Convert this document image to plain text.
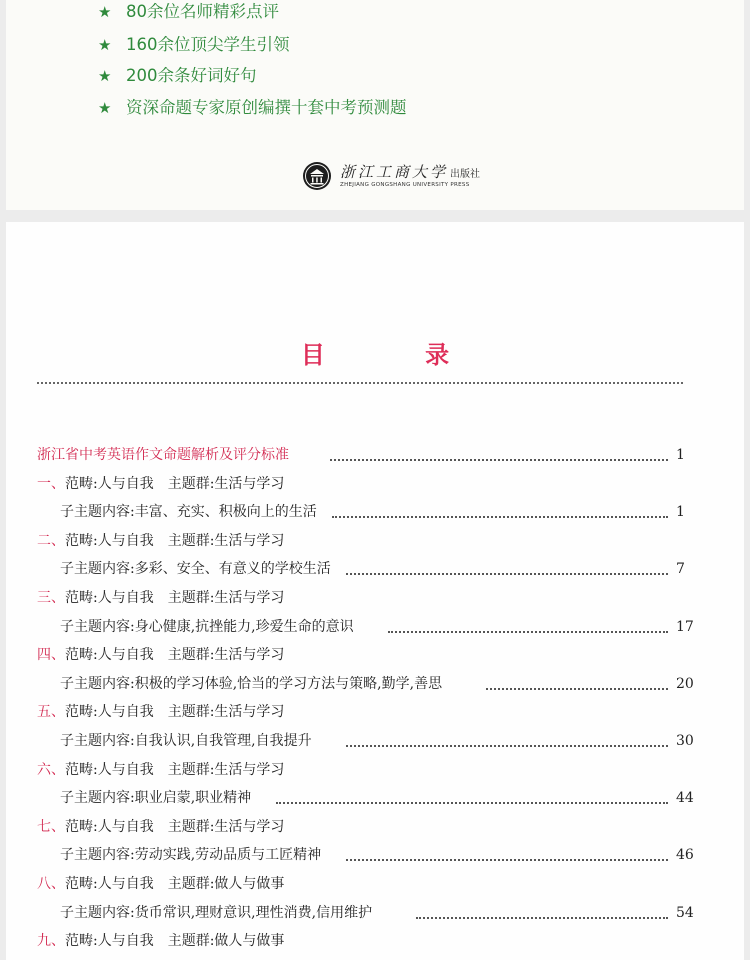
★ 80余位名师精彩点评
★ 160余位顶尖学生引领
★ 200余条好词好句
★ 资深命题专家原创编撰十套中考预测题
浙江工商大学 出版社
ZHEJIANG GONGSHANG UNIVERSITY PRESS
目 录
浙江省中考英语作文命题解析及评分标准	1
一、范畴:人与自我　主题群:生活与学习
子主题内容:丰富、充实、积极向上的生活	1
二、范畴:人与自我　主题群:生活与学习
子主题内容:多彩、安全、有意义的学校生活	7
三、范畴:人与自我　主题群:生活与学习
子主题内容:身心健康,抗挫能力,珍爱生命的意识	17
四、范畴:人与自我　主题群:生活与学习
子主题内容:积极的学习体验,恰当的学习方法与策略,勤学,善思	20
五、范畴:人与自我　主题群:生活与学习
子主题内容:自我认识,自我管理,自我提升	30
六、范畴:人与自我　主题群:生活与学习
子主题内容:职业启蒙,职业精神	44
七、范畴:人与自我　主题群:生活与学习
子主题内容:劳动实践,劳动品质与工匠精神	46
八、范畴:人与自我　主题群:做人与做事
子主题内容:货币常识,理财意识,理性消费,信用维护	54
九、范畴:人与自我　主题群:做人与做事
